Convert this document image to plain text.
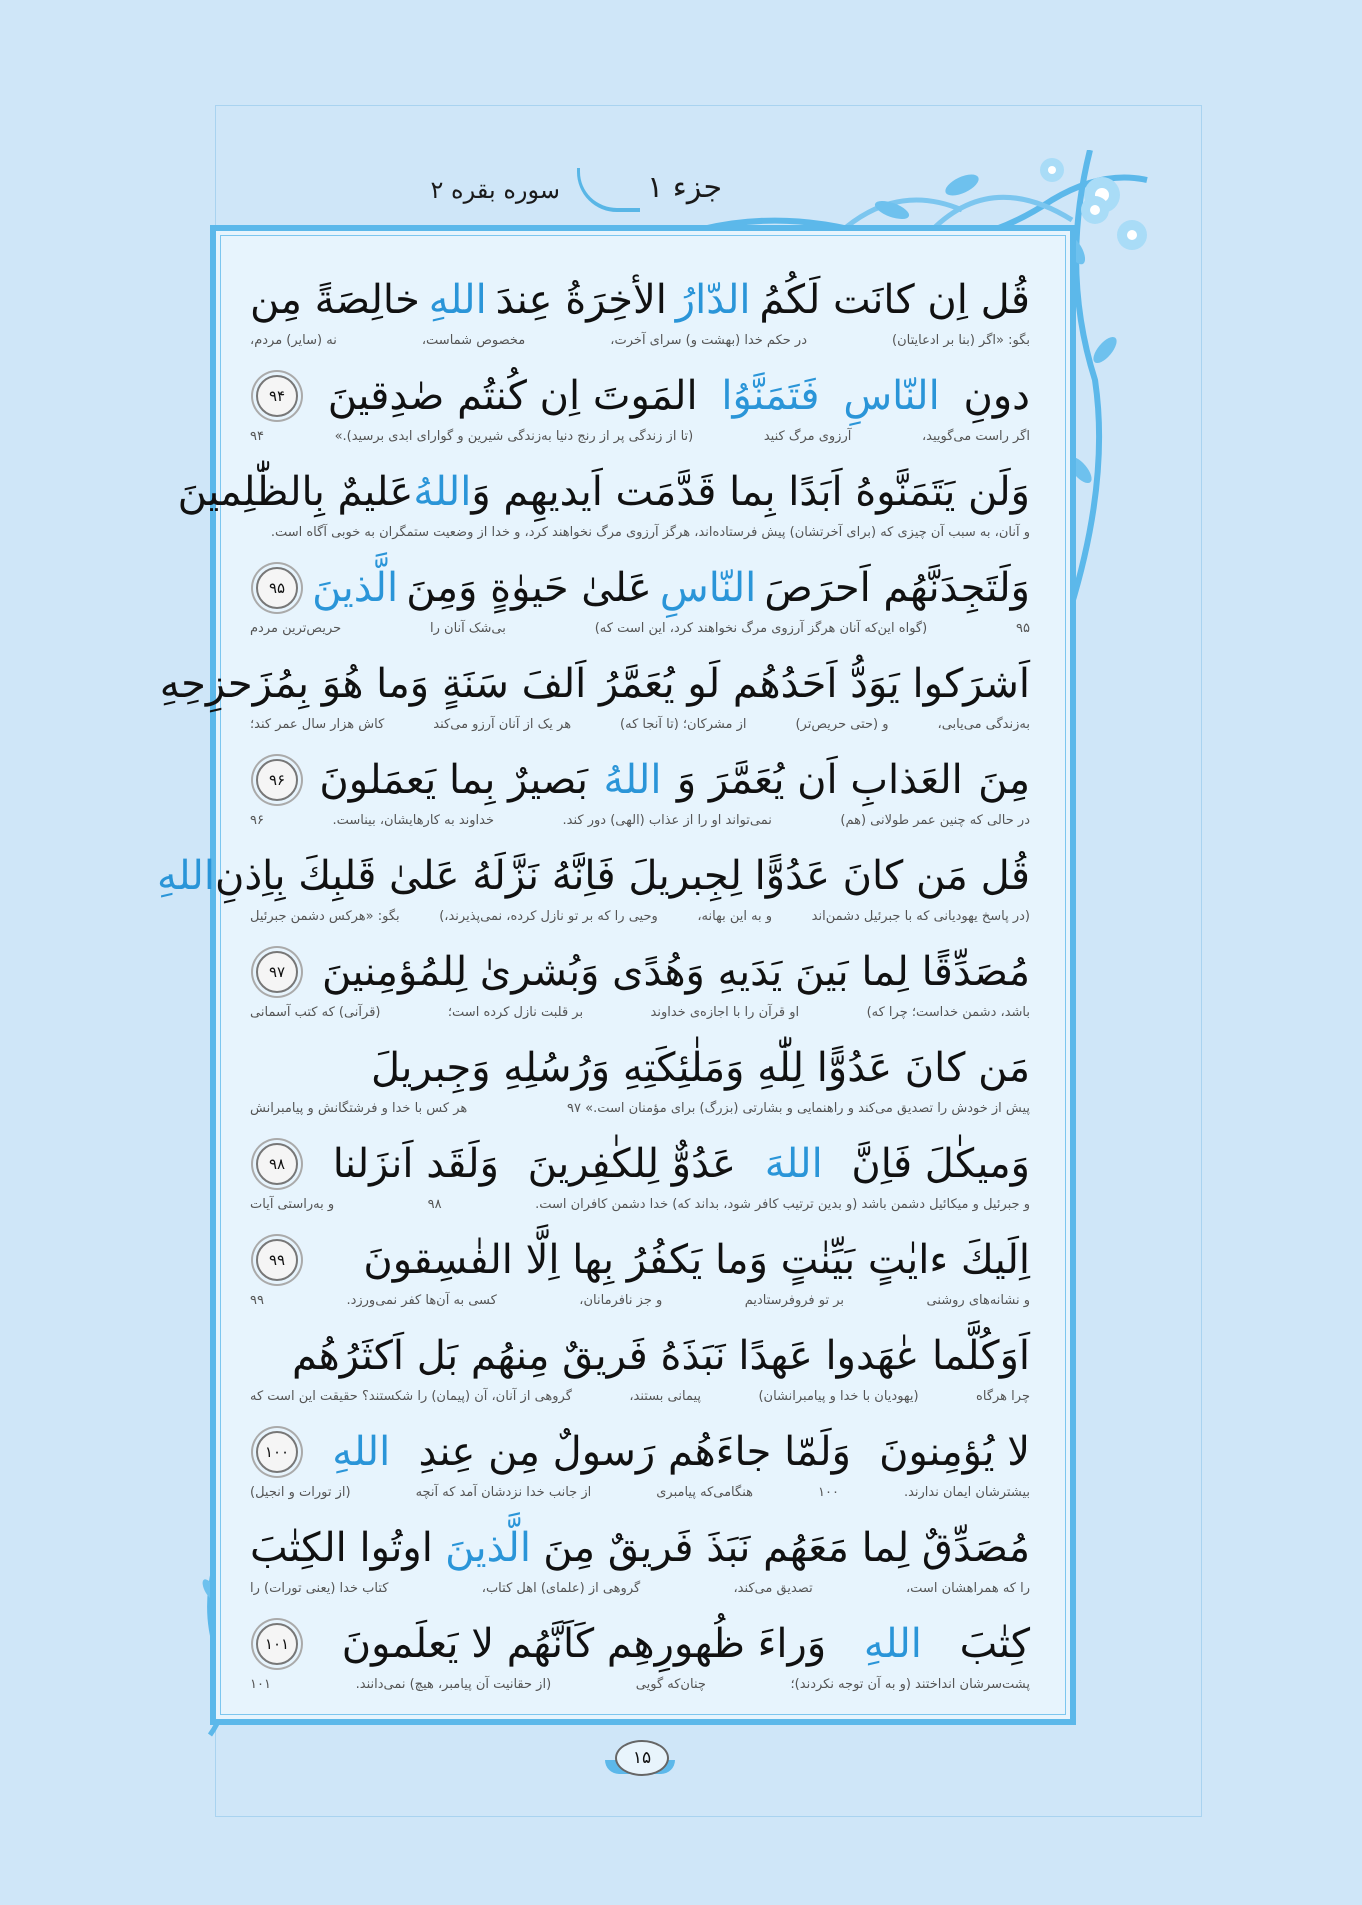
جزء ۱
سوره بقره ۲
قُل اِن كانَت لَكُمُ
الدّارُ
الأخِرَةُ عِندَ
اللهِ
خالِصَةً مِن
بگو: «اگر (بنا بر ادعایتان)
در حکم خدا (بهشت و) سرای آخرت،
مخصوص شماست،
نه (سایر) مردم،
دونِ
النّاسِ
فَتَمَنَّوُا
المَوتَ اِن كُنتُم صٰدِقينَ
۹۴
اگر راست می‌گویید،
آرزوی مرگ کنید
(تا از زندگی پر از رنج دنیا به‌زندگی شیرین و گوارای ابدی برسید).»
۹۴
وَلَن يَتَمَنَّوهُ اَبَدًا بِما قَدَّمَت اَيديهِم وَ
اللهُ
عَليمٌ بِالظّٰلِمينَ
و آنان، به سبب آن چیزی که (برای آخرتشان) پیش فرستاده‌اند، هرگز آرزوی مرگ نخواهند کرد، و خدا از وضعیت ستمگران به خوبی آگاه است.
وَلَتَجِدَنَّهُم اَحرَصَ
النّاسِ
عَلىٰ حَيوٰةٍ وَمِنَ
الَّذينَ
۹۵
۹۵
(گواه این‌که آنان هرگز آرزوی مرگ نخواهند کرد، این است که)
بی‌شک آنان را
حریص‌ترین مردم
اَشرَكوا يَوَدُّ اَحَدُهُم لَو يُعَمَّرُ اَلفَ سَنَةٍ وَما هُوَ بِمُزَحزِحِهِ
به‌زندگی می‌یابی،
و (حتی حریص‌تر)
از مشرکان؛ (تا آنجا که)
هر یک از آنان آرزو می‌کند
کاش هزار سال عمر کند؛
مِنَ
العَذابِ اَن يُعَمَّرَ وَ
اللهُ
بَصيرٌ بِما يَعمَلونَ
۹۶
در حالی که چنین عمر طولانی (هم)
نمی‌تواند او را از عذاب (الهی) دور کند.
خداوند به کارهایشان، بیناست.
۹۶
قُل مَن كانَ عَدُوًّا لِجِبريلَ فَاِنَّهُ نَزَّلَهُ عَلىٰ قَلبِكَ بِاِذنِ
اللهِ
(در پاسخ یهودیانی که با جبرئیل دشمن‌اند
و به این بهانه،
وحیی را که بر تو نازل کرده، نمی‌پذیرند،)
بگو: «هرکس دشمن جبرئیل
مُصَدِّقًا لِما بَينَ يَدَيهِ وَهُدًى وَبُشرىٰ لِلمُؤمِنينَ
۹۷
باشد، دشمن خداست؛ چرا که)
او قرآن را با اجازه‌ی خداوند
بر قلبت نازل کرده است؛
(قرآنی) که کتب آسمانی
مَن كانَ عَدُوًّا لِلّٰهِ وَمَلٰئِكَتِهِ وَرُسُلِهِ وَجِبريلَ
پیش از خودش را تصدیق می‌کند و راهنمایی و بشارتی (بزرگ) برای مؤمنان است.» ۹۷
هر کس با خدا و فرشتگانش و پیامبرانش
وَميكٰلَ فَاِنَّ
اللهَ
عَدُوٌّ لِلكٰفِرينَ
وَلَقَد اَنزَلنا
۹۸
و جبرئیل و میکائیل دشمن باشد (و بدین ترتیب کافر شود، بداند که) خدا دشمن کافران است.
۹۸
و به‌راستی آیات
اِلَيكَ ءايٰتٍ بَيِّنٰتٍ وَما يَكفُرُ بِها اِلَّا الفٰسِقونَ
۹۹
و نشانه‌های روشنی
بر تو فروفرستادیم
و جز نافرمانان،
کسی به آن‌ها کفر نمی‌ورزد.
۹۹
اَوَكُلَّما عٰهَدوا عَهدًا نَبَذَهُ فَريقٌ مِنهُم بَل اَكثَرُهُم
چرا هرگاه
(یهودیان با خدا و پیامبرانشان)
پیمانی بستند،
گروهی از آنان، آن (پیمان) را شکستند؟ حقیقت این است که
لا يُؤمِنونَ
وَلَمّا جاءَهُم رَسولٌ مِن عِندِ
اللهِ
۱۰۰
بیشترشان ایمان ندارند.
۱۰۰
هنگامی‌که پیامبری
از جانب خدا نزدشان آمد که آنچه
(از تورات و انجیل)
مُصَدِّقٌ لِما مَعَهُم نَبَذَ فَريقٌ مِنَ
الَّذينَ
اوتُوا الكِتٰبَ
را که همراهشان است،
تصدیق می‌کند،
گروهی از (علمای) اهل کتاب،
کتاب خدا (یعنی تورات) را
كِتٰبَ
اللهِ
وَراءَ ظُهورِهِم كَاَنَّهُم لا يَعلَمونَ
۱۰۱
پشت‌سرشان انداختند (و به آن توجه نکردند)؛
چنان‌که گویی
(از حقانیت آن پیامبر، هیچ) نمی‌دانند.
۱۰۱
۱۵
